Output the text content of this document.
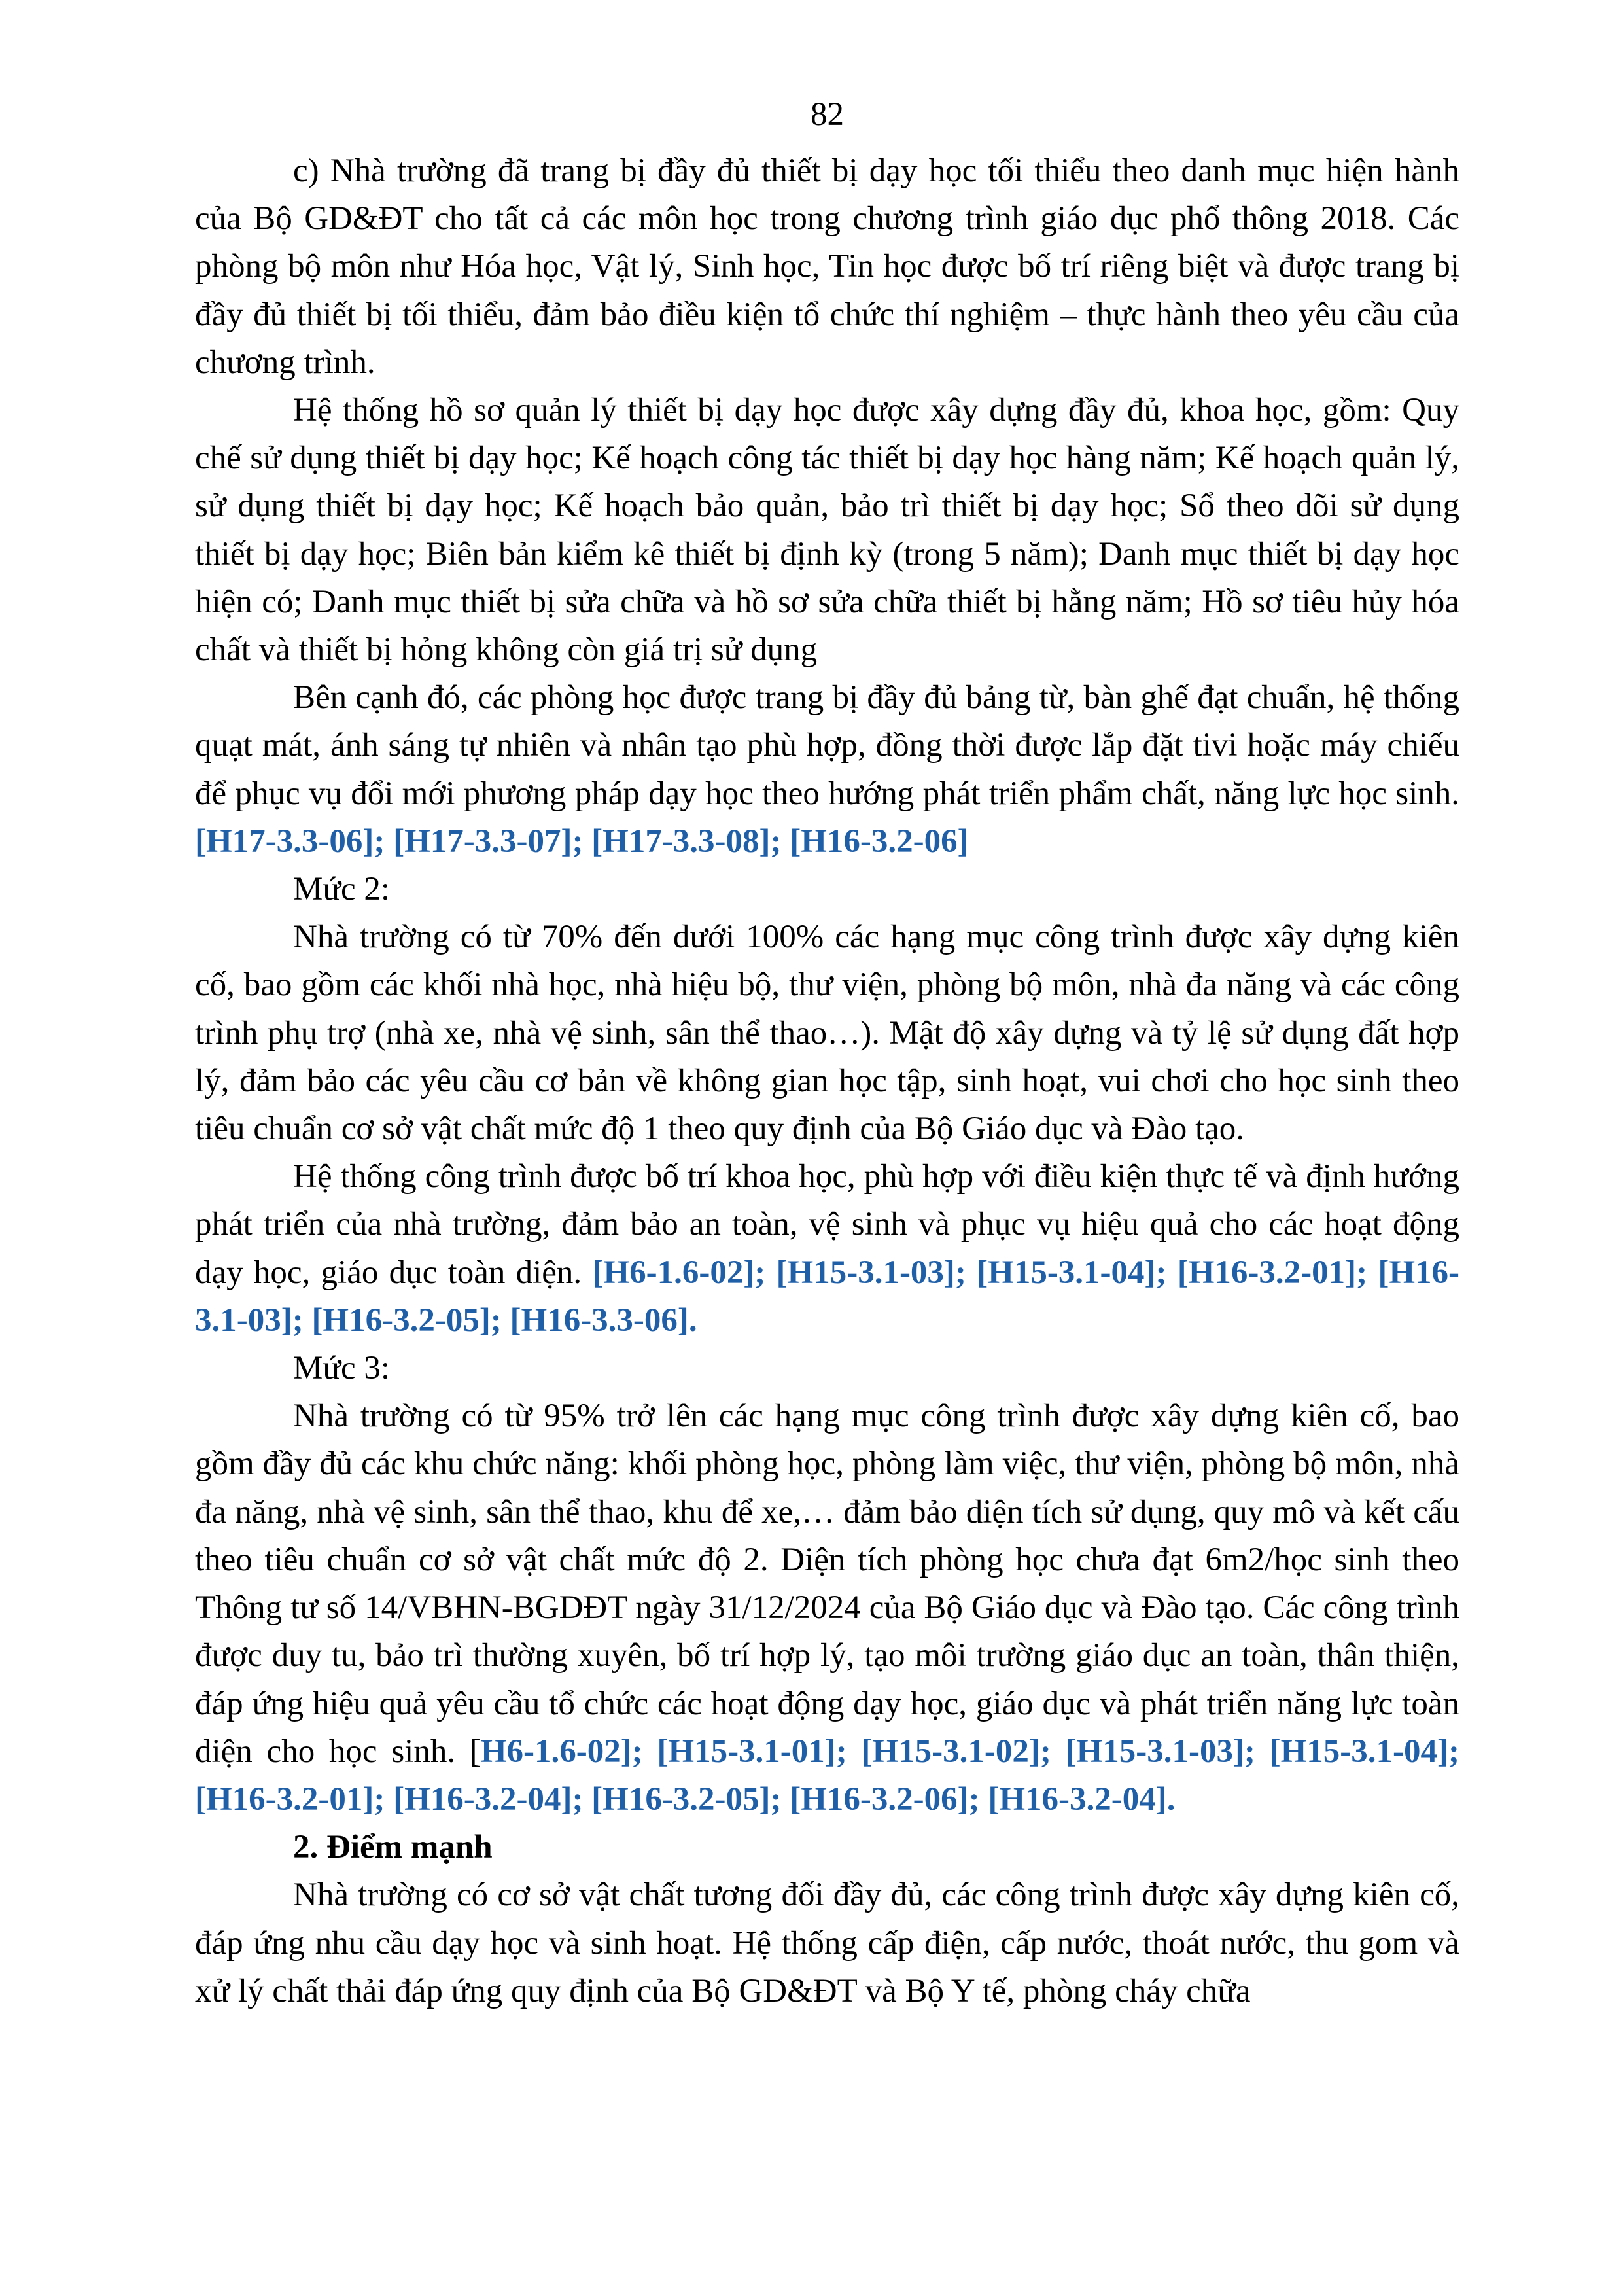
82

c) Nhà trường đã trang bị đầy đủ thiết bị dạy học tối thiểu theo danh mục hiện hành của Bộ GD&ĐT cho tất cả các môn học trong chương trình giáo dục phổ thông 2018. Các phòng bộ môn như Hóa học, Vật lý, Sinh học, Tin học được bố trí riêng biệt và được trang bị đầy đủ thiết bị tối thiểu, đảm bảo điều kiện tổ chức thí nghiệm – thực hành theo yêu cầu của chương trình.

Hệ thống hồ sơ quản lý thiết bị dạy học được xây dựng đầy đủ, khoa học, gồm: Quy chế sử dụng thiết bị dạy học; Kế hoạch công tác thiết bị dạy học hàng năm; Kế hoạch quản lý, sử dụng thiết bị dạy học; Kế hoạch bảo quản, bảo trì thiết bị dạy học; Sổ theo dõi sử dụng thiết bị dạy học; Biên bản kiểm kê thiết bị định kỳ (trong 5 năm); Danh mục thiết bị dạy học hiện có; Danh mục thiết bị sửa chữa và hồ sơ sửa chữa thiết bị hằng năm; Hồ sơ tiêu hủy hóa chất và thiết bị hỏng không còn giá trị sử dụng

Bên cạnh đó, các phòng học được trang bị đầy đủ bảng từ, bàn ghế đạt chuẩn, hệ thống quạt mát, ánh sáng tự nhiên và nhân tạo phù hợp, đồng thời được lắp đặt tivi hoặc máy chiếu để phục vụ đổi mới phương pháp dạy học theo hướng phát triển phẩm chất, năng lực học sinh. [H17-3.3-06]; [H17-3.3-07]; [H17-3.3-08]; [H16-3.2-06]

Mức 2:

Nhà trường có từ 70% đến dưới 100% các hạng mục công trình được xây dựng kiên cố, bao gồm các khối nhà học, nhà hiệu bộ, thư viện, phòng bộ môn, nhà đa năng và các công trình phụ trợ (nhà xe, nhà vệ sinh, sân thể thao…). Mật độ xây dựng và tỷ lệ sử dụng đất hợp lý, đảm bảo các yêu cầu cơ bản về không gian học tập, sinh hoạt, vui chơi cho học sinh theo tiêu chuẩn cơ sở vật chất mức độ 1 theo quy định của Bộ Giáo dục và Đào tạo.

Hệ thống công trình được bố trí khoa học, phù hợp với điều kiện thực tế và định hướng phát triển của nhà trường, đảm bảo an toàn, vệ sinh và phục vụ hiệu quả cho các hoạt động dạy học, giáo dục toàn diện. [H6-1.6-02]; [H15-3.1-03]; [H15-3.1-04]; [H16-3.2-01]; [H16-3.1-03]; [H16-3.2-05]; [H16-3.3-06].

Mức 3:

Nhà trường có từ 95% trở lên các hạng mục công trình được xây dựng kiên cố, bao gồm đầy đủ các khu chức năng: khối phòng học, phòng làm việc, thư viện, phòng bộ môn, nhà đa năng, nhà vệ sinh, sân thể thao, khu để xe,… đảm bảo diện tích sử dụng, quy mô và kết cấu theo tiêu chuẩn cơ sở vật chất mức độ 2. Diện tích phòng học chưa đạt 6m2/học sinh theo Thông tư số 14/VBHN-BGDĐT ngày 31/12/2024 của Bộ Giáo dục và Đào tạo. Các công trình được duy tu, bảo trì thường xuyên, bố trí hợp lý, tạo môi trường giáo dục an toàn, thân thiện, đáp ứng hiệu quả yêu cầu tổ chức các hoạt động dạy học, giáo dục và phát triển năng lực toàn diện cho học sinh. [H6-1.6-02]; [H15-3.1-01]; [H15-3.1-02]; [H15-3.1-03]; [H15-3.1-04]; [H16-3.2-01]; [H16-3.2-04]; [H16-3.2-05]; [H16-3.2-06]; [H16-3.2-04].

2. Điểm mạnh

Nhà trường có cơ sở vật chất tương đối đầy đủ, các công trình được xây dựng kiên cố, đáp ứng nhu cầu dạy học và sinh hoạt. Hệ thống cấp điện, cấp nước, thoát nước, thu gom và xử lý chất thải đáp ứng quy định của Bộ GD&ĐT và Bộ Y tế, phòng cháy chữa
